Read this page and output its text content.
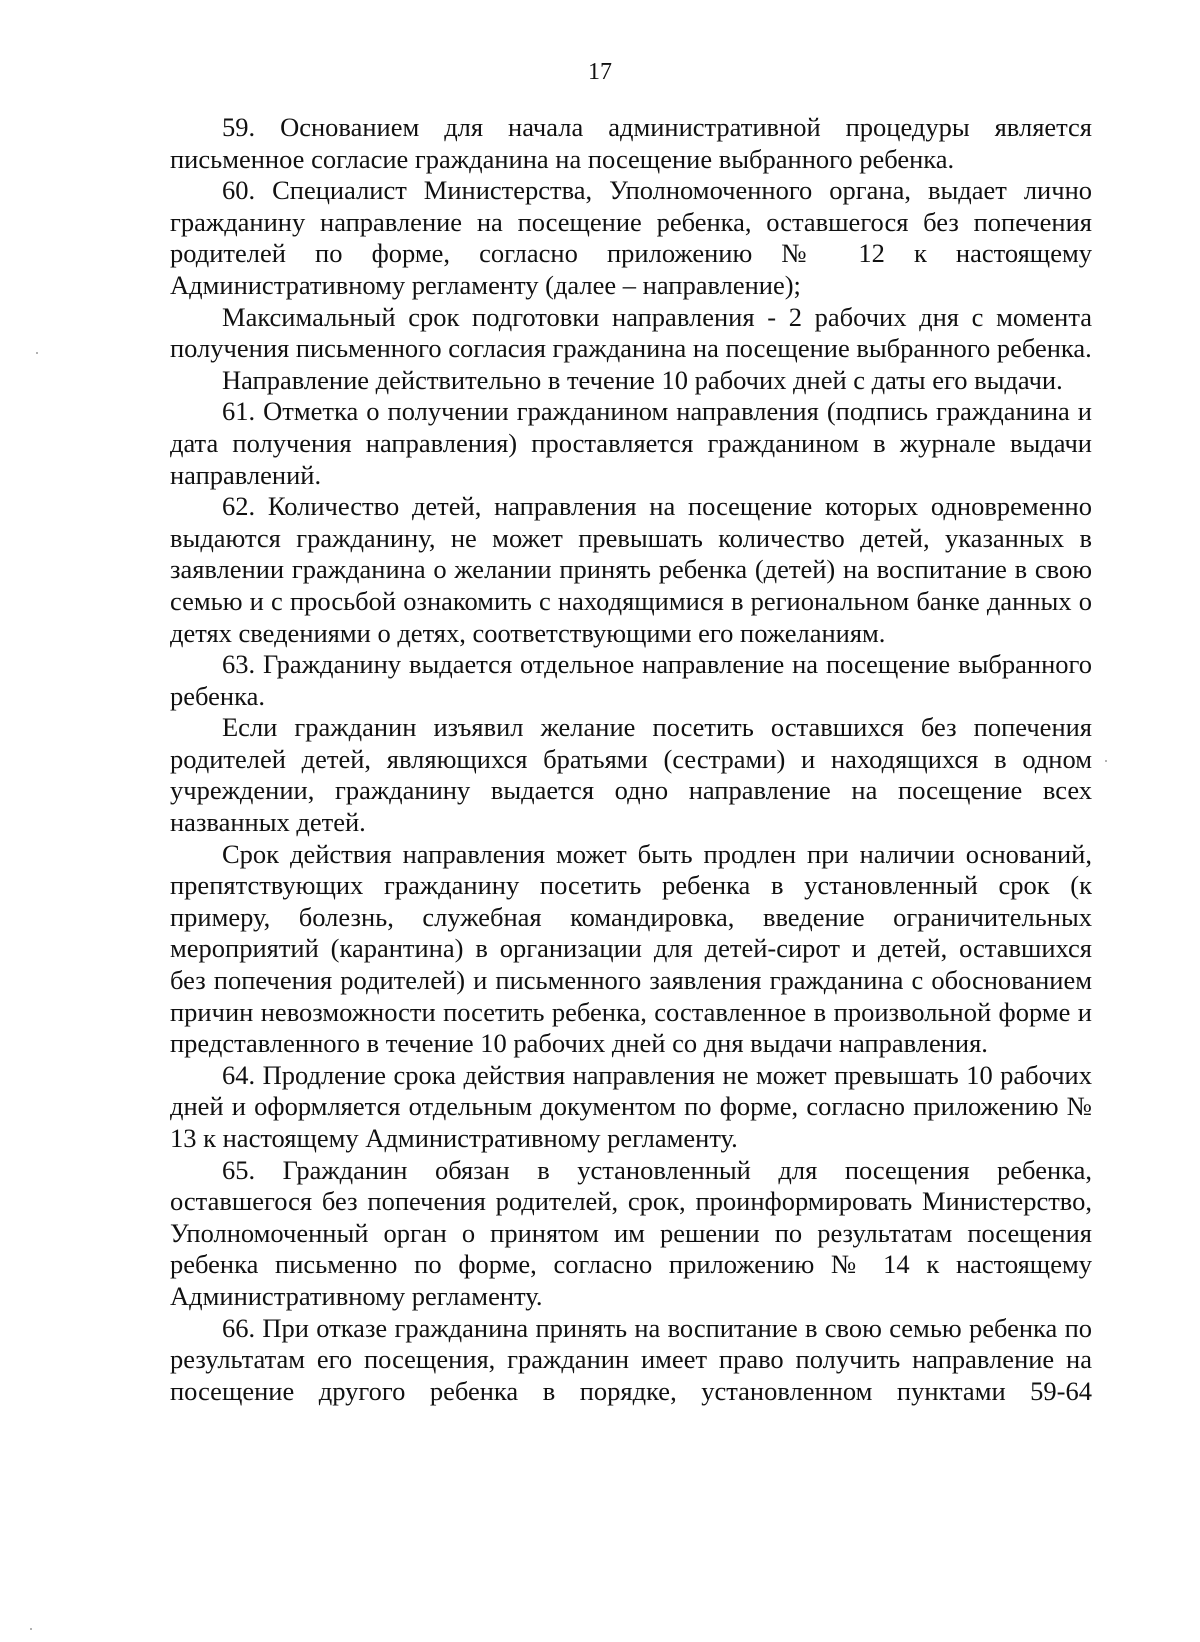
17

59. Основанием для начала административной процедуры является письменное согласие гражданина на посещение выбранного ребенка.

60. Специалист Министерства, Уполномоченного органа, выдает лично гражданину направление на посещение ребенка, оставшегося без попечения родителей по форме, согласно приложению № 12 к настоящему Административному регламенту (далее – направление);

Максимальный срок подготовки направления - 2 рабочих дня с момента получения письменного согласия гражданина на посещение выбранного ребенка.

Направление действительно в течение 10 рабочих дней с даты его выдачи.

61. Отметка о получении гражданином направления (подпись гражданина и дата получения направления) проставляется гражданином в журнале выдачи направлений.

62. Количество детей, направления на посещение которых одновременно выдаются гражданину, не может превышать количество детей, указанных в заявлении гражданина о желании принять ребенка (детей) на воспитание в свою семью и с просьбой ознакомить с находящимися в региональном банке данных о детях сведениями о детях, соответствующими его пожеланиям.

63. Гражданину выдается отдельное направление на посещение выбранного ребенка.

Если гражданин изъявил желание посетить оставшихся без попечения родителей детей, являющихся братьями (сестрами) и находящихся в одном учреждении, гражданину выдается одно направление на посещение всех названных детей.

Срок действия направления может быть продлен при наличии оснований, препятствующих гражданину посетить ребенка в установленный срок (к примеру, болезнь, служебная командировка, введение ограничительных мероприятий (карантина) в организации для детей-сирот и детей, оставшихся без попечения родителей) и письменного заявления гражданина с обоснованием причин невозможности посетить ребенка, составленное в произвольной форме и представленного в течение 10 рабочих дней со дня выдачи направления.

64. Продление срока действия направления не может превышать 10 рабочих дней и оформляется отдельным документом по форме, согласно приложению № 13 к настоящему Административному регламенту.

65. Гражданин обязан в установленный для посещения ребенка, оставшегося без попечения родителей, срок, проинформировать Министерство, Уполномоченный орган о принятом им решении по результатам посещения ребенка письменно по форме, согласно приложению № 14 к настоящему Административному регламенту.

66. При отказе гражданина принять на воспитание в свою семью ребенка по результатам его посещения, гражданин имеет право получить направление на посещение другого ребенка в порядке, установленном пунктами 59-64
